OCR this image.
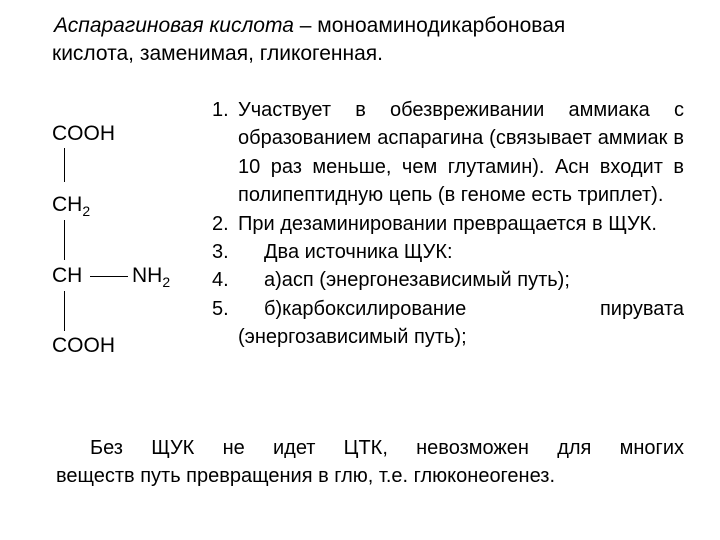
Аспарагиновая кислота – моноаминодикарбоновая
кислота, заменимая, гликогенная.
COOH
$CH_2$
CH $NH_2$
COOH
1. Участвует в обезвреживании аммиака с образованием аспарагина (связывает аммиак в 10 раз меньше, чем глутамин). Асн входит в полипептидную цепь (в геноме есть триплет).
2. При дезаминировании превращается в ЩУК.
3. Два источника ЩУК:
4. а)асп (энергонезависимый путь);
5. б)карбоксилирование пирувата
(энергозависимый путь);
Без ЩУК не идет ЦТК, невозможен для многих
веществ путь превращения в глю, т.е. глюконеогенез.
